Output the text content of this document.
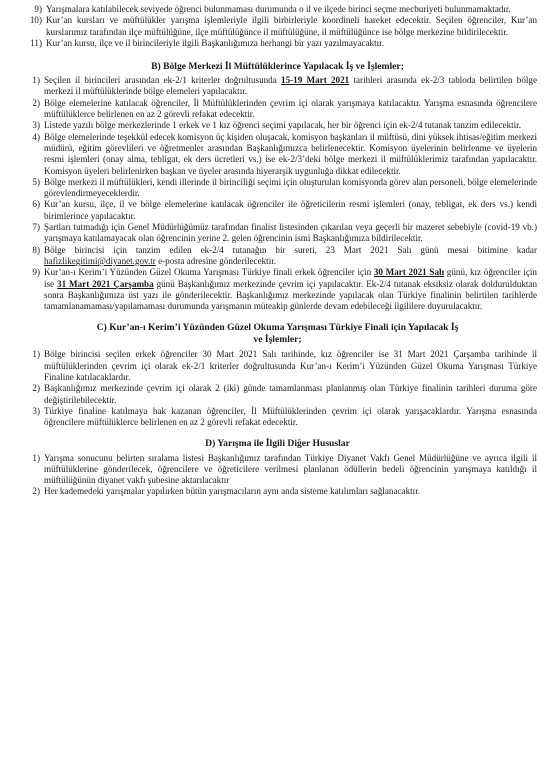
9) Yarışmalara katılabilecek seviyede öğrenci bulunmaması durumunda o il ve ilçede birinci seçme mecburiyeti bulunmamaktadır.
10) Kur’an kursları ve müftülükler yarışma işlemleriyle ilgili birbirleriyle koordineli hareket edecektir. Seçilen öğrenciler, Kur’an kurslarımız tarafından ilçe müftülüğüne, ilçe müftülüğünce il müftülüğüne, il müftülüğünce ise bölge merkezine bildirilecektir.
11) Kur’an kursu, ilçe ve il birincileriyle ilgili Başkanlığımıza herhangi bir yazı yazılmayacaktır.
B) Bölge Merkezi İl Müftülüklerince Yapılacak İş ve İşlemler;
1) Seçilen il birincileri arasından ek-2/1 kriterler doğrultusunda 15-19 Mart 2021 tarihleri arasında ek-2/3 tabloda belirtilen bölge merkezi il müftülüklerinde bölge elemeleri yapılacaktır.
2) Bölge elemelerine katılacak öğrenciler, İl Müftülüklerinden çevrim içi olarak yarışmaya katılacaktır. Yarışma esnasında öğrencilere müftülüklerce belirlenen en az 2 görevli refakat edecektir.
3) Listede yazılı bölge merkezlerinde 1 erkek ve 1 kız öğrenci seçimi yapılacak, her bir öğrenci için ek-2/4 tutanak tanzim edilecektir.
4) Bölge elemelerinde teşekkül edecek komisyon üç kişiden oluşacak, komisyon başkanları il müftüsü, dini yüksek ihtisas/eğitim merkezi müdürü, eğitim görevlileri ve öğretmenler arasından Başkanlığımızca belirlenecektir. Komisyon üyelerinin belirlenme ve üyelerin resmi işlemleri (onay alma, tebligat, ek ders ücretleri vs.) ise ek-2/3’deki bölge merkezi il müftülüklerimiz tarafından yapılacaktır. Komisyon üyeleri belirlenirken başkan ve üyeler arasında hiyerarşik uygunluğa dikkat edilecektir.
5) Bölge merkezi il müftülükleri, kendi illerinde il birinciliği seçimi için oluşturulan komisyonda görev alan personeli, bölge elemelerinde görevlendirmeyeceklerdir.
6) Kur’an kursu, ilçe, il ve bölge elemelerine katılacak öğrenciler ile öğreticilerin resmi işlemleri (onay, tebligat, ek ders vs.) kendi birimlerince yapılacaktır.
7) Şartları tutmadığı için Genel Müdürlüğümüz tarafından finalist listesinden çıkarılan veya geçerli bir mazeret sebebiyle (covid-19 vb.) yarışmaya katılamayacak olan öğrencinin yerine 2. gelen öğrencinin ismi Başkanlığımıza bildirilecektir.
8) Bölge birincisi için tanzim edilen ek-2/4 tutanağın bir sureti, 23 Mart 2021 Salı günü mesai bitimine kadar hafizlikegitimi@diyanet.gov.tr e-posta adresine gönderilecektir.
9) Kur’an-ı Kerim’i Yüzünden Güzel Okuma Yarışması Türkiye finali erkek öğrenciler için 30 Mart 2021 Salı günü, kız öğrenciler için ise 31 Mart 2021 Çarşamba günü Başkanlığımız merkezinde çevrim içi yapılacaktır. Ek-2/4 tutanak eksiksiz olarak doldurulduktan sonra Başkanlığımıza üst yazı ile gönderilecektir. Başkanlığımız merkezinde yapılacak olan Türkiye finalinin belirtilen tarihlerde tamamlanamaması/yapılamaması durumunda yarışmanın müteakip günlerde devam edebileceği ilgililere duyurulacaktır.
C) Kur’an-ı Kerim’i Yüzünden Güzel Okuma Yarışması Türkiye Finali için Yapılacak İş
ve İşlemler;
1) Bölge birincisi seçilen erkek öğrenciler 30 Mart 2021 Salı tarihinde, kız öğrenciler ise 31 Mart 2021 Çarşamba tarihinde il müftülüklerinden çevrim içi olarak ek-2/1 kriterler doğrultusunda Kur’an-ı Kerim’i Yüzünden Güzel Okuma Yarışması Türkiye Finaline katılacaklardır.
2) Başkanlığımız merkezinde çevrim içi olarak 2 (iki) günde tamamlanması planlanmış olan Türkiye finalinin tarihleri duruma göre değiştirilebilecektir.
3) Türkiye finaline katılmaya hak kazanan öğrenciler, İl Müftülüklerinden çevrim içi olarak yarışacaklardır. Yarışma esnasında öğrencilere müftülüklerce belirlenen en az 2 görevli refakat edecektir.
D) Yarışma ile İlgili Diğer Hususlar
1) Yarışma sonucunu belirten sıralama listesi Başkanlığımız tarafından Türkiye Diyanet Vakfı Genel Müdürlüğüne ve ayrıca ilgili il müftülüklerine gönderilecek, öğrencilere ve öğreticilere verilmesi planlanan ödüllerin bedeli öğrencinin yarışmaya katıldığı il müftülüğünün diyanet vakfı şubesine aktarılacaktır
2) Her kademedeki yarışmalar yapılırken bütün yarışmacıların aynı anda sisteme katılımları sağlanacaktır.
